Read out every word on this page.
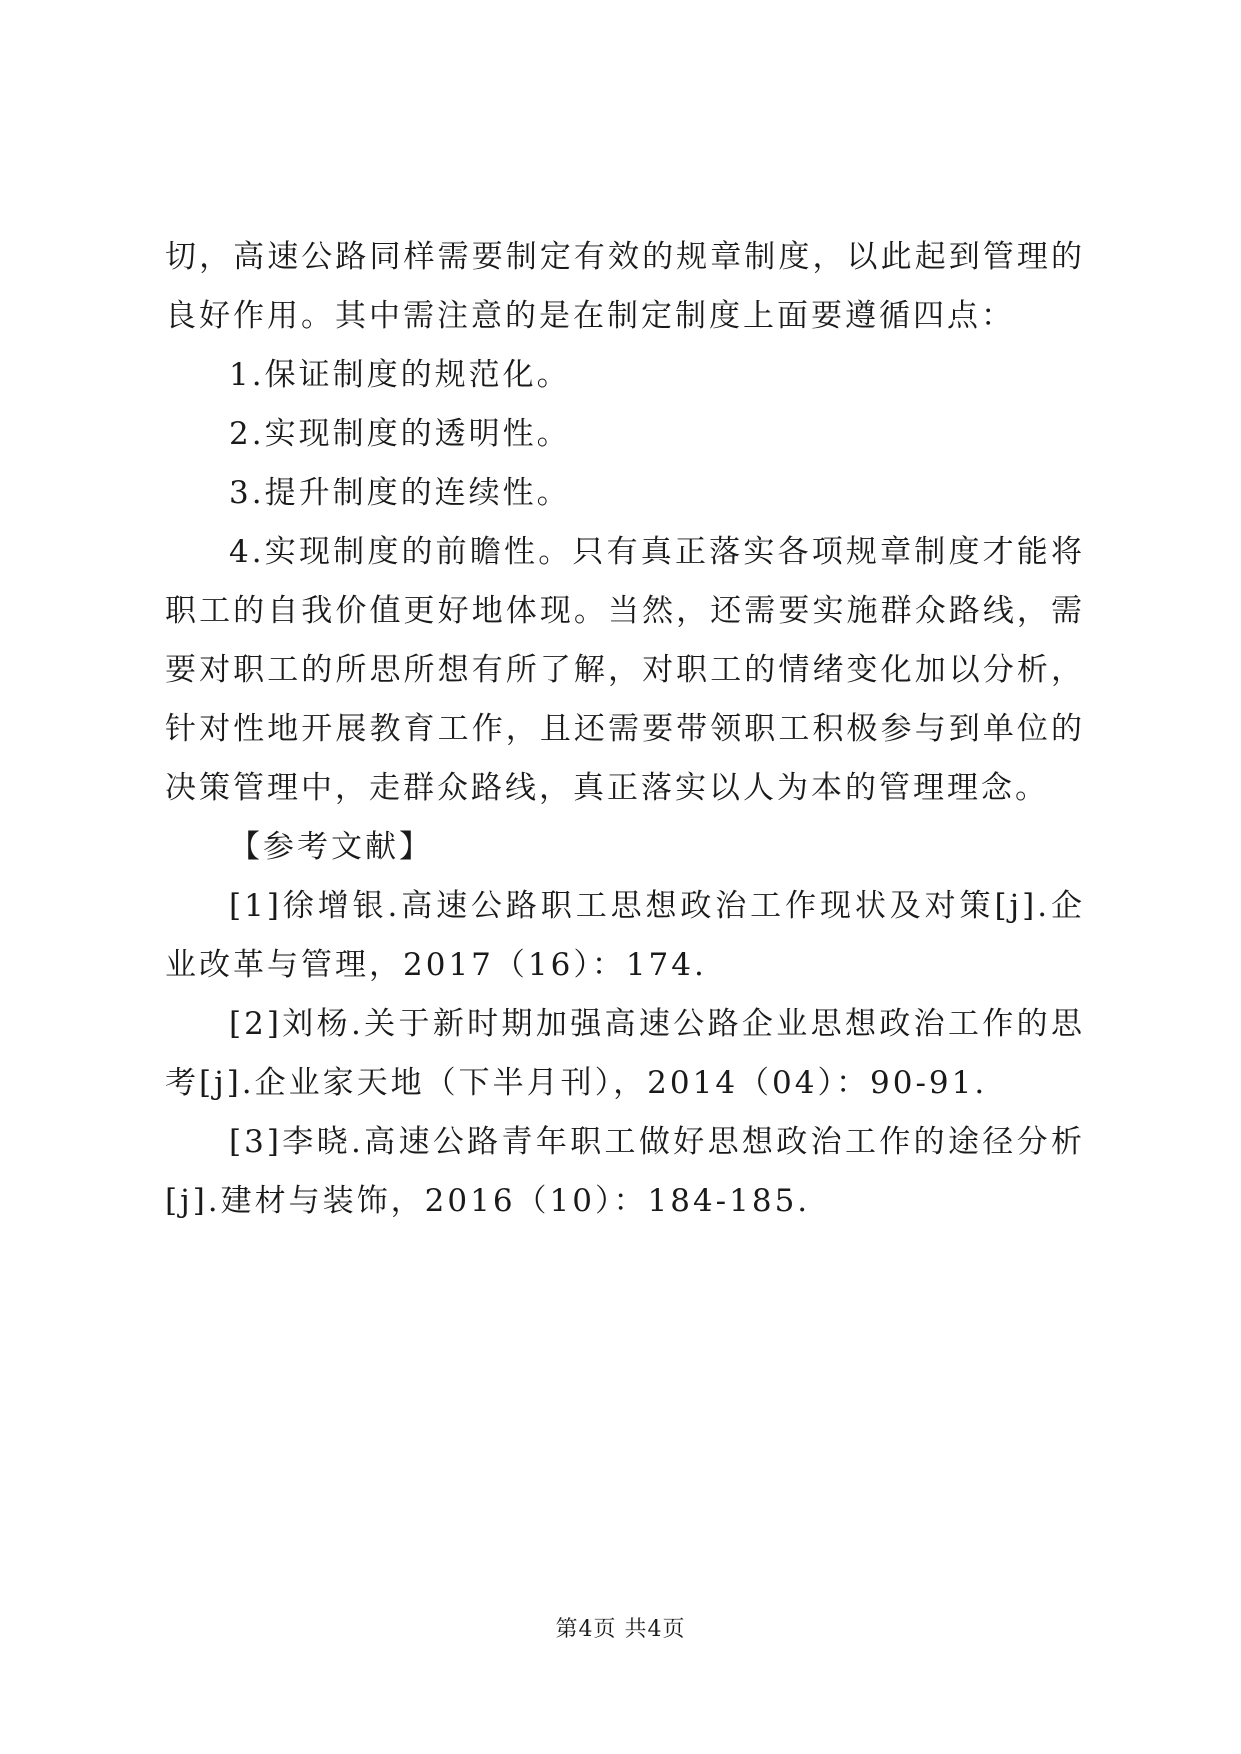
切，高速公路同样需要制定有效的规章制度，以此起到管理的良好作用。其中需注意的是在制定制度上面要遵循四点：

1.保证制度的规范化。

2.实现制度的透明性。

3.提升制度的连续性。

4.实现制度的前瞻性。只有真正落实各项规章制度才能将职工的自我价值更好地体现。当然，还需要实施群众路线，需要对职工的所思所想有所了解，对职工的情绪变化加以分析，针对性地开展教育工作，且还需要带领职工积极参与到单位的决策管理中，走群众路线，真正落实以人为本的管理理念。

【参考文献】

[1]徐增银.高速公路职工思想政治工作现状及对策[j].企业改革与管理，2017（16）：174.

[2]刘杨.关于新时期加强高速公路企业思想政治工作的思考[j].企业家天地（下半月刊），2014（04）：90-91.

[3]李晓.高速公路青年职工做好思想政治工作的途径分析[j].建材与装饰，2016（10）：184-185.

第4页 共4页
